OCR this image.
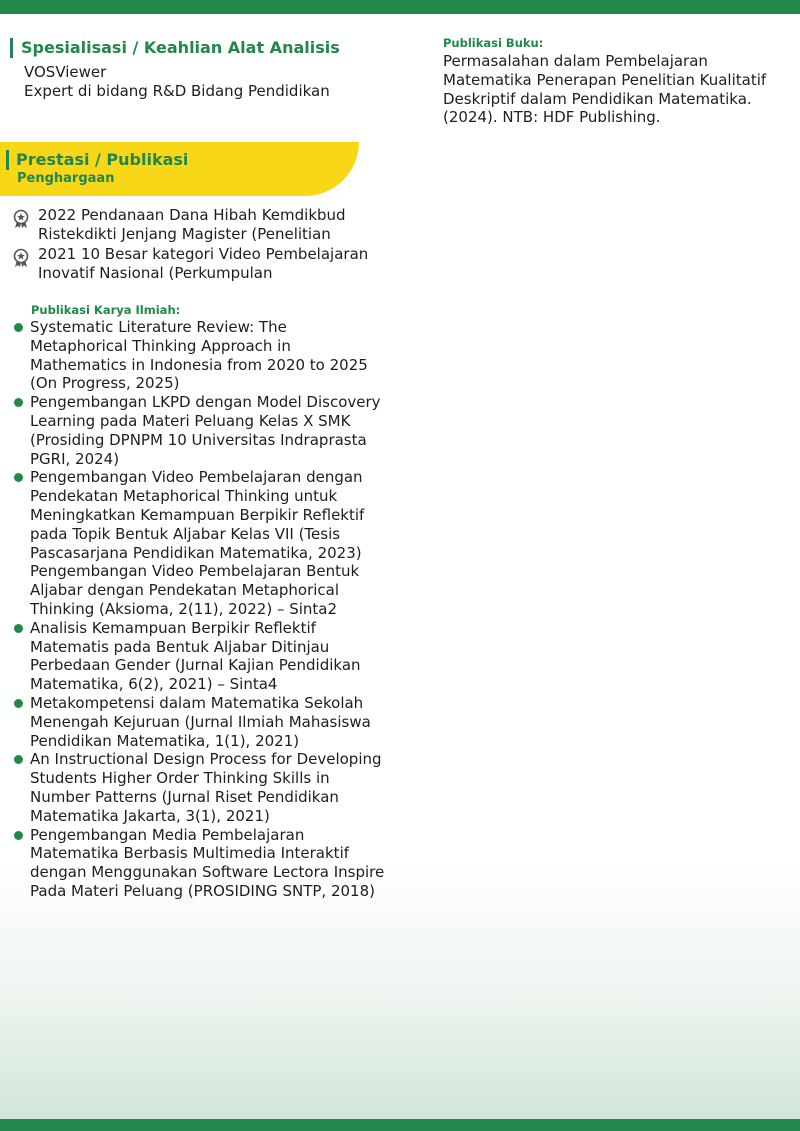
Spesialisasi / Keahlian Alat Analisis
VOSViewer
Expert di bidang R&D Bidang Pendidikan
Prestasi / Publikasi
Penghargaan
2022 Pendanaan Dana Hibah Kemdikbud Ristekdikti Jenjang Magister (Penelitian
2021 10 Besar kategori Video Pembelajaran Inovatif Nasional (Perkumpulan
Publikasi Karya Ilmiah:
Systematic Literature Review: The Metaphorical Thinking Approach in Mathematics in Indonesia from 2020 to 2025 (On Progress, 2025)
Pengembangan LKPD dengan Model Discovery Learning pada Materi Peluang Kelas X SMK (Prosiding DPNPM 10 Universitas Indraprasta PGRI, 2024)
Pengembangan Video Pembelajaran dengan Pendekatan Metaphorical Thinking untuk Meningkatkan Kemampuan Berpikir Reflektif pada Topik Bentuk Aljabar Kelas VII (Tesis Pascasarjana Pendidikan Matematika, 2023)
Pengembangan Video Pembelajaran Bentuk Aljabar dengan Pendekatan Metaphorical Thinking (Aksioma, 2(11), 2022) – Sinta2
Analisis Kemampuan Berpikir Reflektif Matematis pada Bentuk Aljabar Ditinjau Perbedaan Gender (Jurnal Kajian Pendidikan Matematika, 6(2), 2021) – Sinta4
Metakompetensi dalam Matematika Sekolah Menengah Kejuruan (Jurnal Ilmiah Mahasiswa Pendidikan Matematika, 1(1), 2021)
An Instructional Design Process for Developing Students Higher Order Thinking Skills in Number Patterns (Jurnal Riset Pendidikan Matematika Jakarta, 3(1), 2021)
Pengembangan Media Pembelajaran Matematika Berbasis Multimedia Interaktif dengan Menggunakan Software Lectora Inspire Pada Materi Peluang (PROSIDING SNTP, 2018)
Publikasi Buku:
Permasalahan dalam Pembelajaran Matematika Penerapan Penelitian Kualitatif Deskriptif dalam Pendidikan Matematika. (2024). NTB: HDF Publishing.
